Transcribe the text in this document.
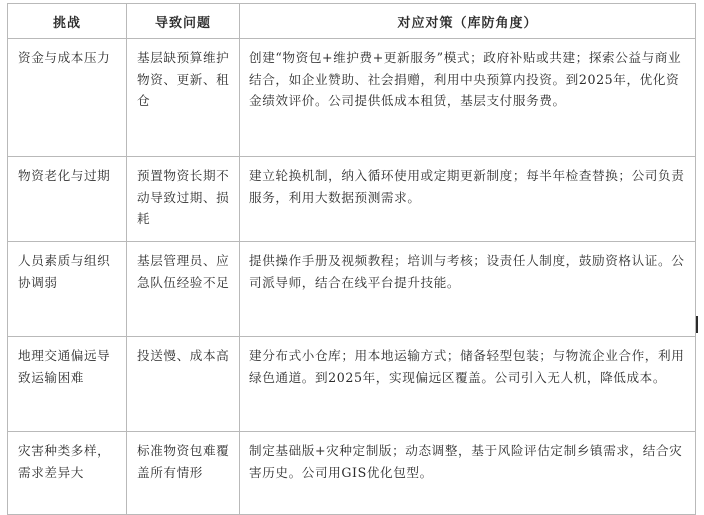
挑战	导致问题	对应对策（库防角度）
资金与成本压力	基层缺预算维护物资、更新、租仓	创建“物资包+维护费+更新服务”模式；政府补贴或共建；探索公益与商业结合，如企业赞助、社会捐赠，利用中央预算内投资。到2025年，优化资金绩效评价。公司提供低成本租赁，基层支付服务费。
物资老化与过期	预置物资长期不动导致过期、损耗	建立轮换机制，纳入循环使用或定期更新制度；每半年检查替换；公司负责服务，利用大数据预测需求。
人员素质与组织协调弱	基层管理员、应急队伍经验不足	提供操作手册及视频教程；培训与考核；设责任人制度，鼓励资格认证。公司派导师，结合在线平台提升技能。
地理交通偏远导致运输困难	投送慢、成本高	建分布式小仓库；用本地运输方式；储备轻型包装；与物流企业合作，利用绿色通道。到2025年，实现偏远区覆盖。公司引入无人机，降低成本。
灾害种类多样，需求差异大	标准物资包难覆盖所有情形	制定基础版+灾种定制版；动态调整，基于风险评估定制乡镇需求，结合灾害历史。公司用GIS优化包型。
